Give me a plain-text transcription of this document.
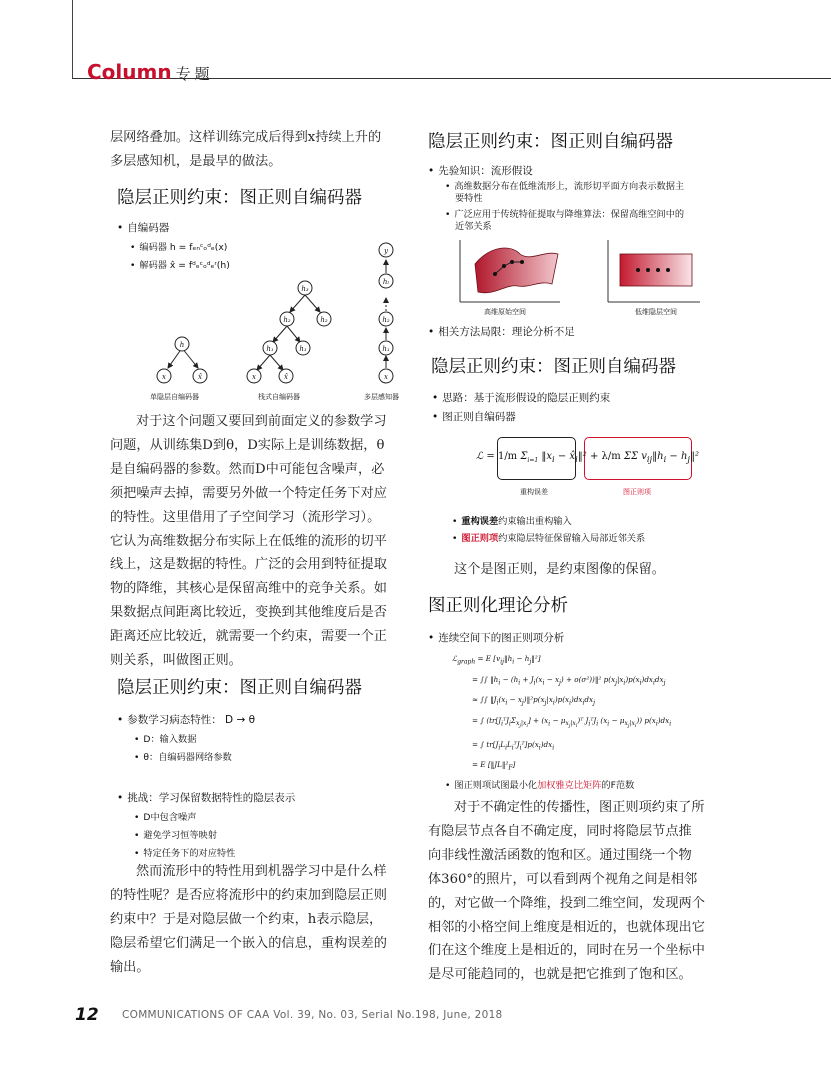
Column 专题
层网络叠加。这样训练完成后得到x持续上升的
多层感知机，是最早的做法。
隐层正则约束：图正则自编码器
• 自编码器
• 编码器 h = fₑₙᶜₒᵈₑ(x)
• 解码器 x̂ = fᵈₑᶜₒᵈₑʳ(h)
h
x	x̂
h₃
h₂	h₂
h₁	h₁
x	x̂	x
h₁
h₂
hₗ
y
单隐层自编码器	栈式自编码器	多层感知器
对于这个问题又要回到前面定义的参数学习
问题，从训练集D到θ，D实际上是训练数据，θ
是自编码器的参数。然而D中可能包含噪声，必
须把噪声去掉，需要另外做一个特定任务下对应
的特性。这里借用了子空间学习（流形学习）。
它认为高维数据分布实际上在低维的流形的切平
线上，这是数据的特性。广泛的会用到特征提取
物的降维，其核心是保留高维中的竞争关系。如
果数据点间距离比较近，变换到其他维度后是否
距离还应比较近，就需要一个约束，需要一个正
则关系，叫做图正则。
隐层正则约束：图正则自编码器
• 参数学习病态特性： D → θ
• D：输入数据
• θ：自编码器网络参数
• 挑战：学习保留数据特性的隐层表示
• D中包含噪声
• 避免学习恒等映射
• 特定任务下的对应特性
然而流形中的特性用到机器学习中是什么样
的特性呢？是否应将流形中的约束加到隐层正则
约束中？于是对隐层做一个约束，h表示隐层，
隐层希望它们满足一个嵌入的信息，重构误差的
输出。
隐层正则约束：图正则自编码器
• 先验知识：流形假设
• 高维数据分布在低维流形上，流形切平面方向表示数据主
要特性
• 广泛应用于传统特征提取与降维算法：保留高维空间中的
近邻关系
高维原始空间	低维隐层空间
• 相关方法局限：理论分析不足
隐层正则约束：图正则自编码器
• 思路：基于流形假设的隐层正则约束
• 图正则自编码器
ℒ = 1/m $\Sigma_{i=1}$ $‖x_i$ − $x̂_i‖^2 + \lambda/m$ ΣΣ $v_{ij}‖h_i$ − $h_j‖^2$
重构误差	图正则项
• 重构误差约束输出重构输入
• 图正则项约束隐层特征保留输入局部近邻关系
这个是图正则，是约束图像的保留。
图正则化理论分析
• 连续空间下的图正则项分析
ℒ$_{graph}$ = E [$v_{ij}‖h_i$ − $h_j‖^2$]
= ∫∫ $‖h_i - (h_i + J_i(x_i - x_j)$ + o(σ²))‖² $p(x_j|x_i)p(x_i)dx_idx_j$
≈ ∫∫ $‖J_i(x_i$ − $x_j)‖^2p(x_j|x_i)p(x_i)dx_idx_j$
= ∫ ($tr[J_iᵀJ_i\Sigma_{x_j|x_i}] + (x_i$ − $\mu_{x_j|x_i})ᵀ$ $J_iᵀJ_i$ $(x_i - \mu_{x_j|x_i})$) $p(x_i)dx_i$
= ∫ $tr[J_iL_iL_iᵀJ_iᵀ]p(x_i)dx_i$
= E $[‖JL‖^2_F]$
• 图正则项试图最小化加权雅克比矩阵的F范数
对于不确定性的传播性，图正则项约束了所
有隐层节点各自不确定度，同时将隐层节点推
向非线性激活函数的饱和区。通过围绕一个物
体360°的照片，可以看到两个视角之间是相邻
的，对它做一个降维，投到二维空间，发现两个
相邻的小格空间上维度是相近的，也就体现出它
们在这个维度上是相近的，同时在另一个坐标中
是尽可能趋同的，也就是把它推到了饱和区。
12 COMMUNICATIONS OF CAA Vol. 39, No. 03, Serial No.198, June, 2018
